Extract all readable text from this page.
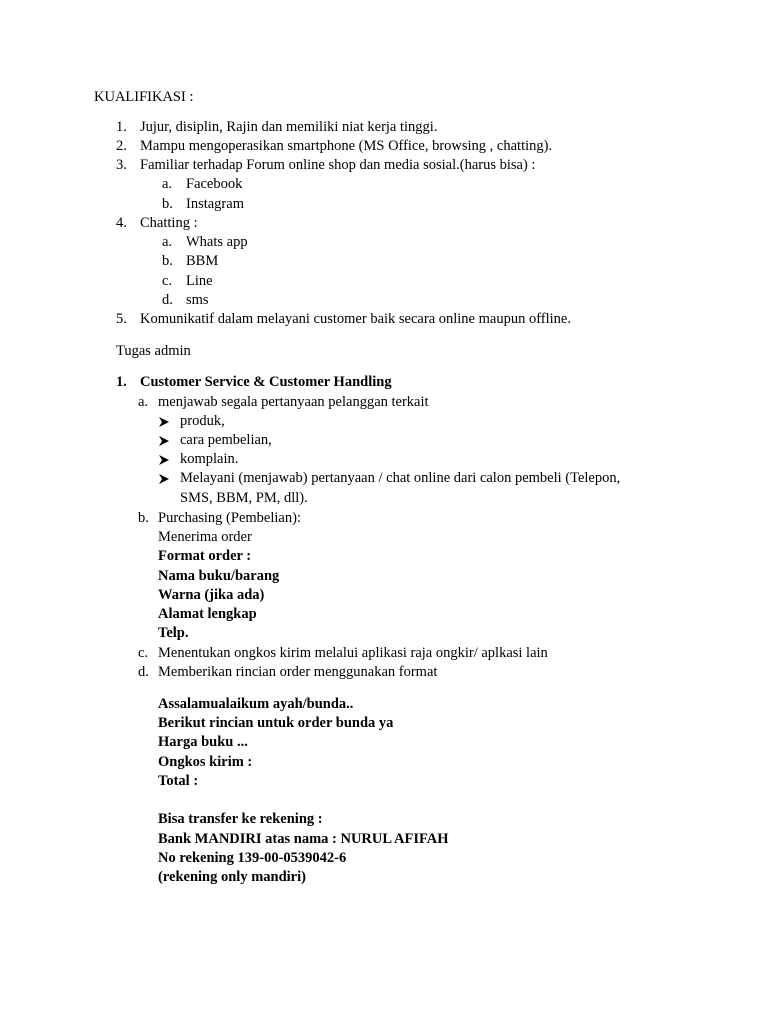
KUALIFIKASI :
1. Jujur, disiplin, Rajin dan memiliki niat kerja tinggi.
2. Mampu mengoperasikan smartphone (MS Office, browsing , chatting).
3. Familiar terhadap Forum online shop dan media sosial.(harus bisa) :
a. Facebook
b. Instagram
4. Chatting :
a. Whats app
b. BBM
c. Line
d. sms
5. Komunikatif dalam melayani customer baik secara online maupun offline.
Tugas admin
1. Customer Service & Customer Handling
a. menjawab segala pertanyaan pelanggan terkait
produk,
cara pembelian,
komplain.
Melayani (menjawab) pertanyaan / chat online dari calon pembeli (Telepon,
SMS, BBM, PM, dll).
b. Purchasing (Pembelian):
Menerima order
Format order :
Nama buku/barang
Warna (jika ada)
Alamat lengkap
Telp.
c. Menentukan ongkos kirim melalui aplikasi raja ongkir/ aplkasi lain
d. Memberikan rincian order menggunakan format
Assalamualaikum ayah/bunda..
Berikut rincian untuk order bunda ya
Harga buku ...
Ongkos kirim :
Total :
Bisa transfer ke rekening :
Bank MANDIRI atas nama : NURUL AFIFAH
No rekening 139-00-0539042-6
(rekening only mandiri)
